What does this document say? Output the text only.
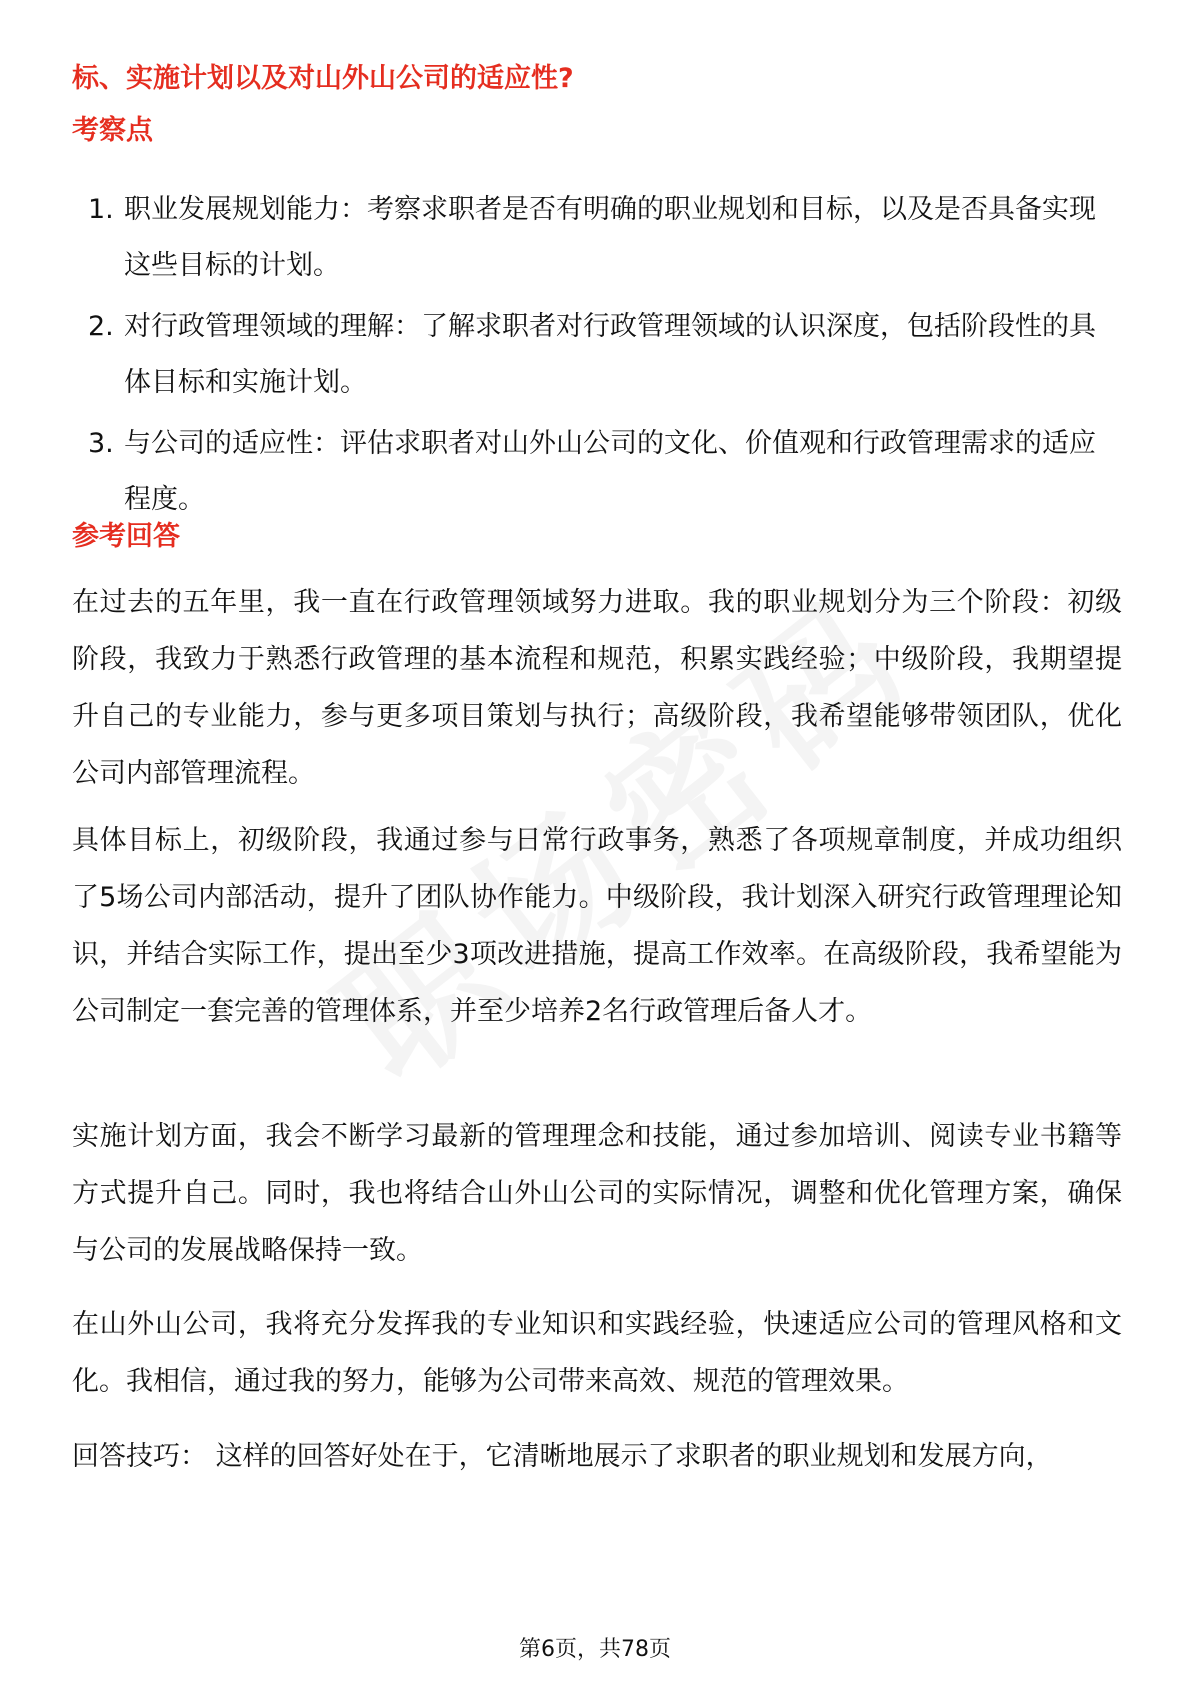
标、实施计划以及对山外山公司的适应性?
考察点
1. 职业发展规划能力：考察求职者是否有明确的职业规划和目标，以及是否具备实现这些目标的计划。
2. 对行政管理领域的理解：了解求职者对行政管理领域的认识深度，包括阶段性的具体目标和实施计划。
3. 与公司的适应性：评估求职者对山外山公司的文化、价值观和行政管理需求的适应程度。
参考回答

在过去的五年里，我一直在行政管理领域努力进取。我的职业规划分为三个阶段：初级阶段，我致力于熟悉行政管理的基本流程和规范，积累实践经验；中级阶段，我期望提升自己的专业能力，参与更多项目策划与执行；高级阶段，我希望能够带领团队，优化公司内部管理流程。

具体目标上，初级阶段，我通过参与日常行政事务，熟悉了各项规章制度，并成功组织了5场公司内部活动，提升了团队协作能力。中级阶段，我计划深入研究行政管理理论知识，并结合实际工作，提出至少3项改进措施，提高工作效率。在高级阶段，我希望能为公司制定一套完善的管理体系，并至少培养2名行政管理后备人才。

实施计划方面，我会不断学习最新的管理理念和技能，通过参加培训、阅读专业书籍等方式提升自己。同时，我也将结合山外山公司的实际情况，调整和优化管理方案，确保与公司的发展战略保持一致。

在山外山公司，我将充分发挥我的专业知识和实践经验，快速适应公司的管理风格和文化。我相信，通过我的努力，能够为公司带来高效、规范的管理效果。

回答技巧： 这样的回答好处在于，它清晰地展示了求职者的职业规划和发展方向，

第6页，共78页
